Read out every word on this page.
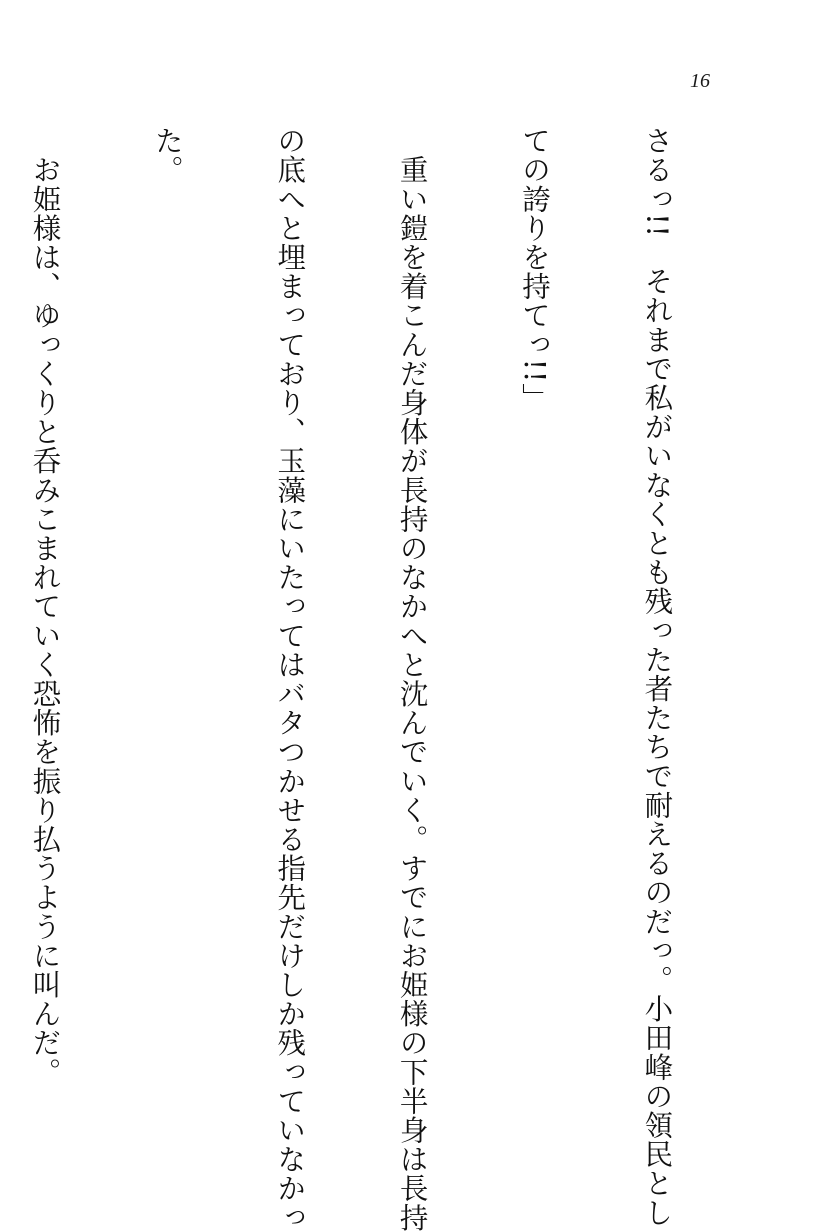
16

さるっ!!　それまで私がいなくとも残った者たちで耐えるのだっ。小田峰の領民とし

ての誇りを持てっ!!」

　重い鎧を着こんだ身体が長持のなかへと沈んでいく。すでにお姫様の下半身は長持

の底へと埋まっており、玉藻にいたってはバタつかせる指先だけしか残っていなかっ

た。

　お姫様は、ゆっくりと呑みこまれていく恐怖を振り払うように叫んだ。
